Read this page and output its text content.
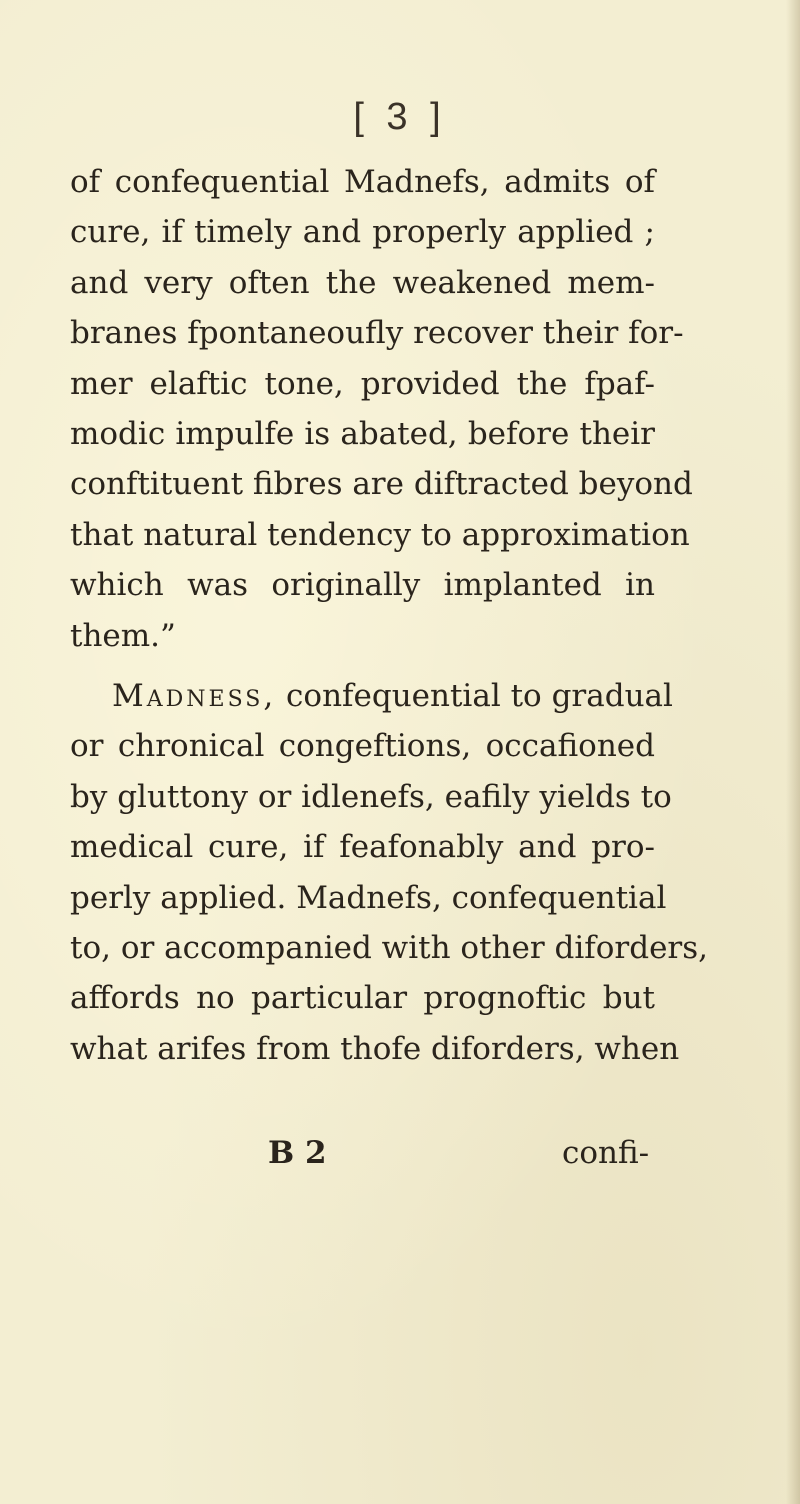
[ 3 ]
of confequential Madnefs, admits of
cure, if timely and properly applied ;
and very often the weakened mem-
branes fpontaneoufly recover their for-
mer elaftic tone, provided the fpaf-
modic impulfe is abated, before their
conftituent fibres are diftracted beyond
that natural tendency to approximation
which was originally implanted in
them.”
Madness, confequential to gradual
or chronical congeftions, occafioned
by gluttony or idlenefs, eafily yields to
medical cure, if feafonably and pro-
perly applied. Madnefs, confequential
to, or accompanied with other diforders,
affords no particular prognoftic but
what arifes from thofe diforders, when
B 2	confi-
